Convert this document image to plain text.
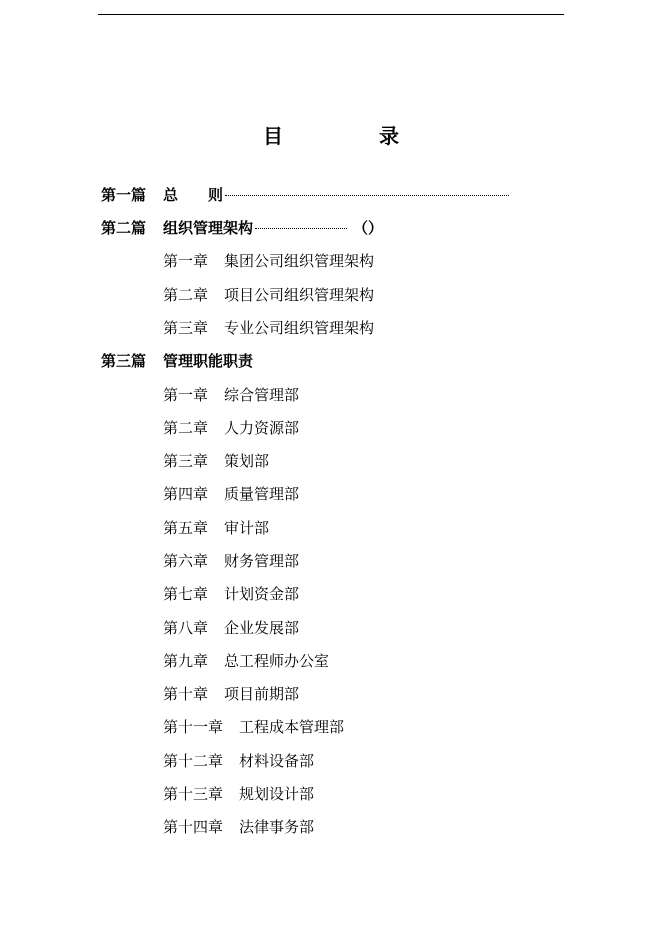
目　录
第一篇	总 则
第二篇	组织管理架构	（）
第一章 集团公司组织管理架构
第二章 项目公司组织管理架构
第三章 专业公司组织管理架构
第三篇	管理职能职责
第一章 综合管理部
第二章 人力资源部
第三章 策划部
第四章 质量管理部
第五章 审计部
第六章 财务管理部
第七章 计划资金部
第八章 企业发展部
第九章 总工程师办公室
第十章 项目前期部
第十一章 工程成本管理部
第十二章 材料设备部
第十三章 规划设计部
第十四章 法律事务部
